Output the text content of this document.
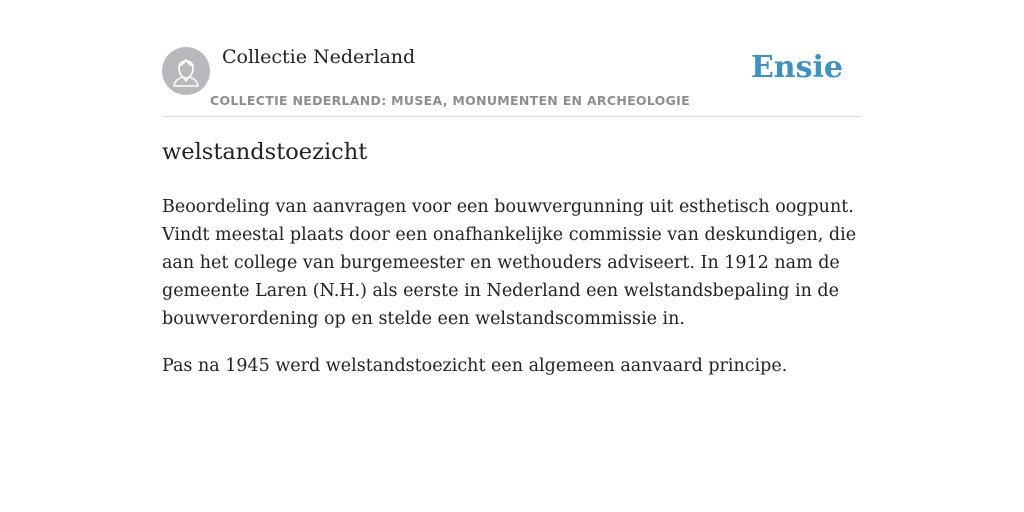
Collectie Nederland
COLLECTIE NEDERLAND: MUSEA, MONUMENTEN EN ARCHEOLOGIE
Ensie
welstandstoezicht

Beoordeling van aanvragen voor een bouwvergunning uit esthetisch oogpunt. Vindt meestal plaats door een onafhankelijke commissie van deskundigen, die aan het college van burgemeester en wethouders adviseert. In 1912 nam de gemeente Laren (N.H.) als eerste in Nederland een welstandsbepaling in de bouwverordening op en stelde een welstandscommissie in.

Pas na 1945 werd welstandstoezicht een algemeen aanvaard principe.
